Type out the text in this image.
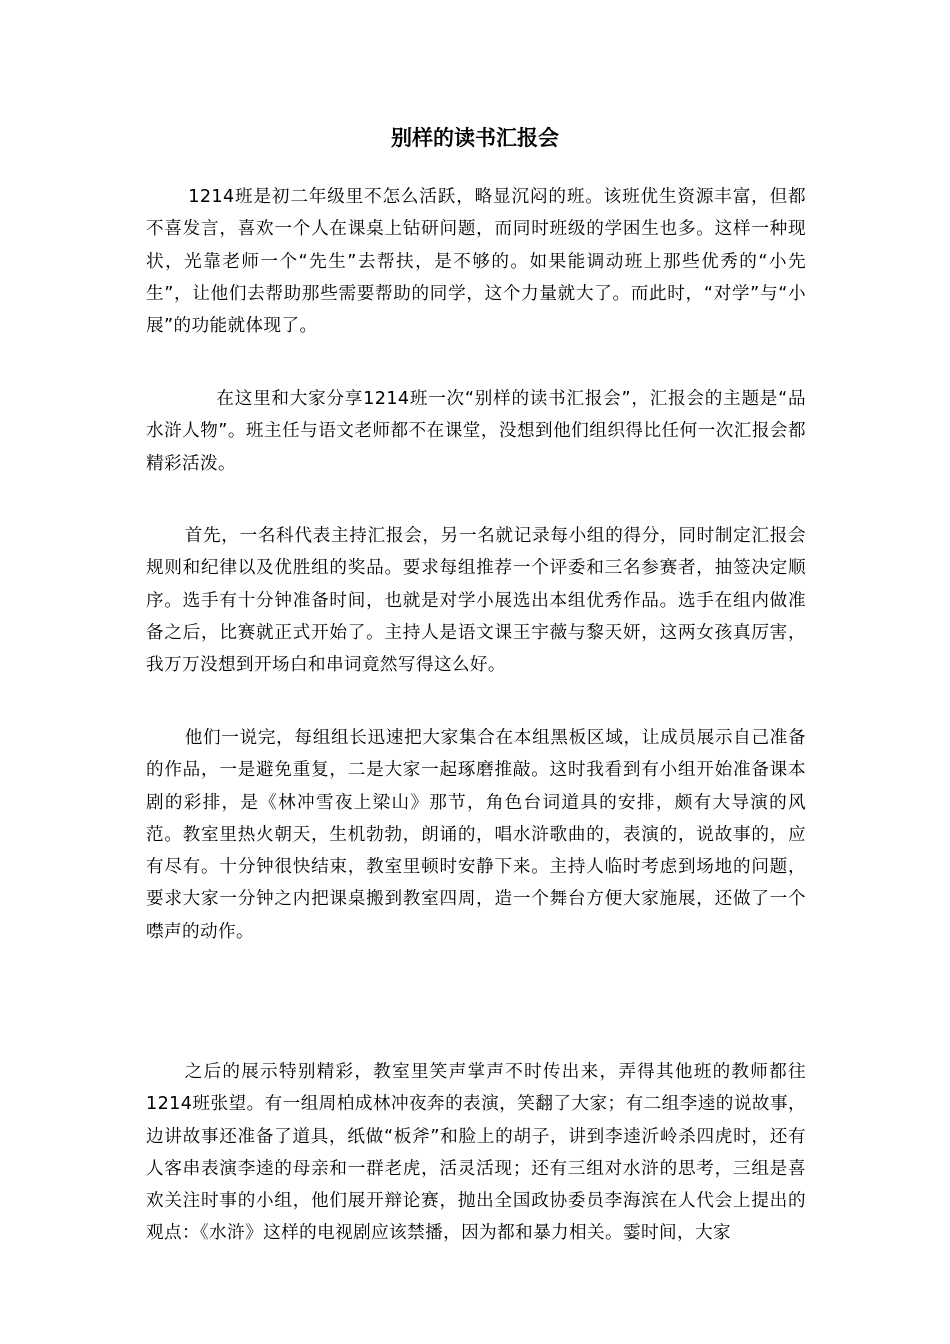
别样的读书汇报会

1214班是初二年级里不怎么活跃，略显沉闷的班。该班优生资源丰富，但都不喜发言，喜欢一个人在课桌上钻研问题，而同时班级的学困生也多。这样一种现状，光靠老师一个“先生”去帮扶，是不够的。如果能调动班上那些优秀的“小先生”，让他们去帮助那些需要帮助的同学，这个力量就大了。而此时，“对学”与“小展”的功能就体现了。

在这里和大家分享1214班一次“别样的读书汇报会”，汇报会的主题是“品水浒人物”。班主任与语文老师都不在课堂，没想到他们组织得比任何一次汇报会都精彩活泼。

首先，一名科代表主持汇报会，另一名就记录每小组的得分，同时制定汇报会规则和纪律以及优胜组的奖品。要求每组推荐一个评委和三名参赛者，抽签决定顺序。选手有十分钟准备时间，也就是对学小展选出本组优秀作品。选手在组内做准备之后，比赛就正式开始了。主持人是语文课王宇薇与黎天妍，这两女孩真厉害，我万万没想到开场白和串词竟然写得这么好。

他们一说完，每组组长迅速把大家集合在本组黑板区域，让成员展示自己准备的作品，一是避免重复，二是大家一起琢磨推敲。这时我看到有小组开始准备课本剧的彩排，是《林冲雪夜上梁山》那节，角色台词道具的安排，颇有大导演的风范。教室里热火朝天，生机勃勃，朗诵的，唱水浒歌曲的，表演的，说故事的，应有尽有。十分钟很快结束，教室里顿时安静下来。主持人临时考虑到场地的问题，要求大家一分钟之内把课桌搬到教室四周，造一个舞台方便大家施展，还做了一个噤声的动作。

之后的展示特别精彩，教室里笑声掌声不时传出来，弄得其他班的教师都往1214班张望。有一组周柏成林冲夜奔的表演，笑翻了大家；有二组李逵的说故事，边讲故事还准备了道具，纸做“板斧”和脸上的胡子，讲到李逵沂岭杀四虎时，还有人客串表演李逵的母亲和一群老虎，活灵活现；还有三组对水浒的思考，三组是喜欢关注时事的小组，他们展开辩论赛，抛出全国政协委员李海滨在人代会上提出的观点：《水浒》这样的电视剧应该禁播，因为都和暴力相关。霎时间，大家
